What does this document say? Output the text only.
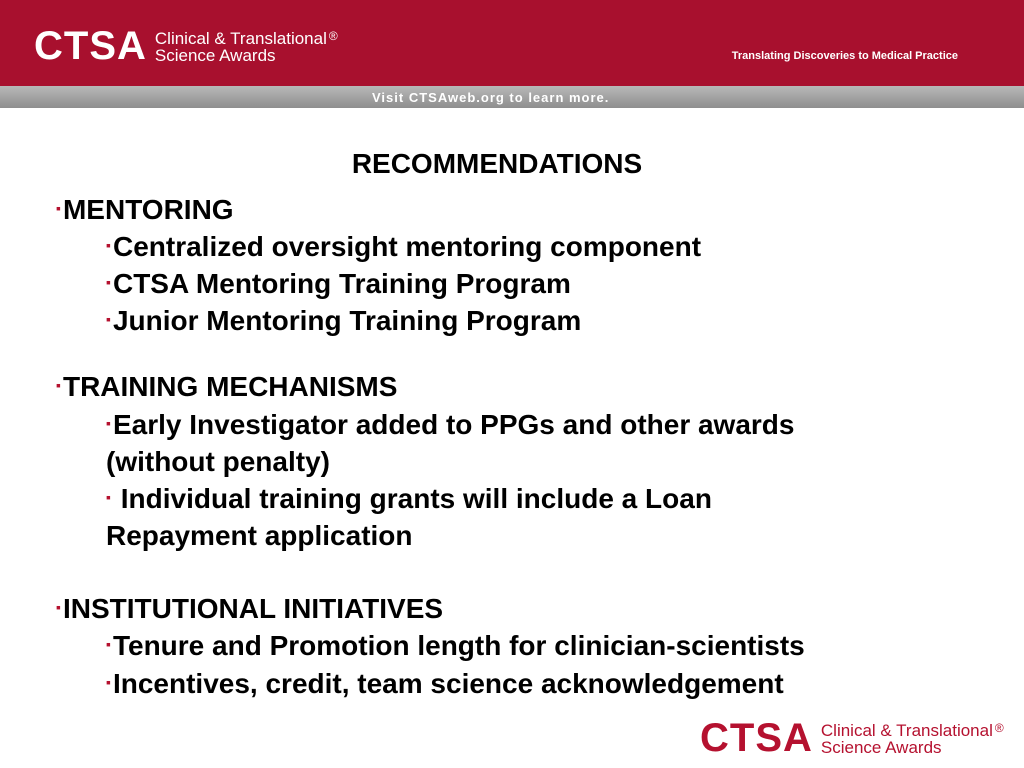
CTSA Clinical & Translational ®
Science Awards	Translating Discoveries to Medical Practice
Visit CTSAweb.org to learn more.
RECOMMENDATIONS
▪MENTORING
▪Centralized oversight mentoring component
▪CTSA Mentoring Training Program
▪Junior Mentoring Training Program
▪TRAINING MECHANISMS
▪Early Investigator added to PPGs and other awards
(without penalty)
▪ Individual training grants will include a Loan
Repayment application
▪INSTITUTIONAL INITIATIVES
▪Tenure and Promotion length for clinician-scientists
▪Incentives, credit, team science acknowledgement
CTSA Clinical & Translational ®
Science Awards
